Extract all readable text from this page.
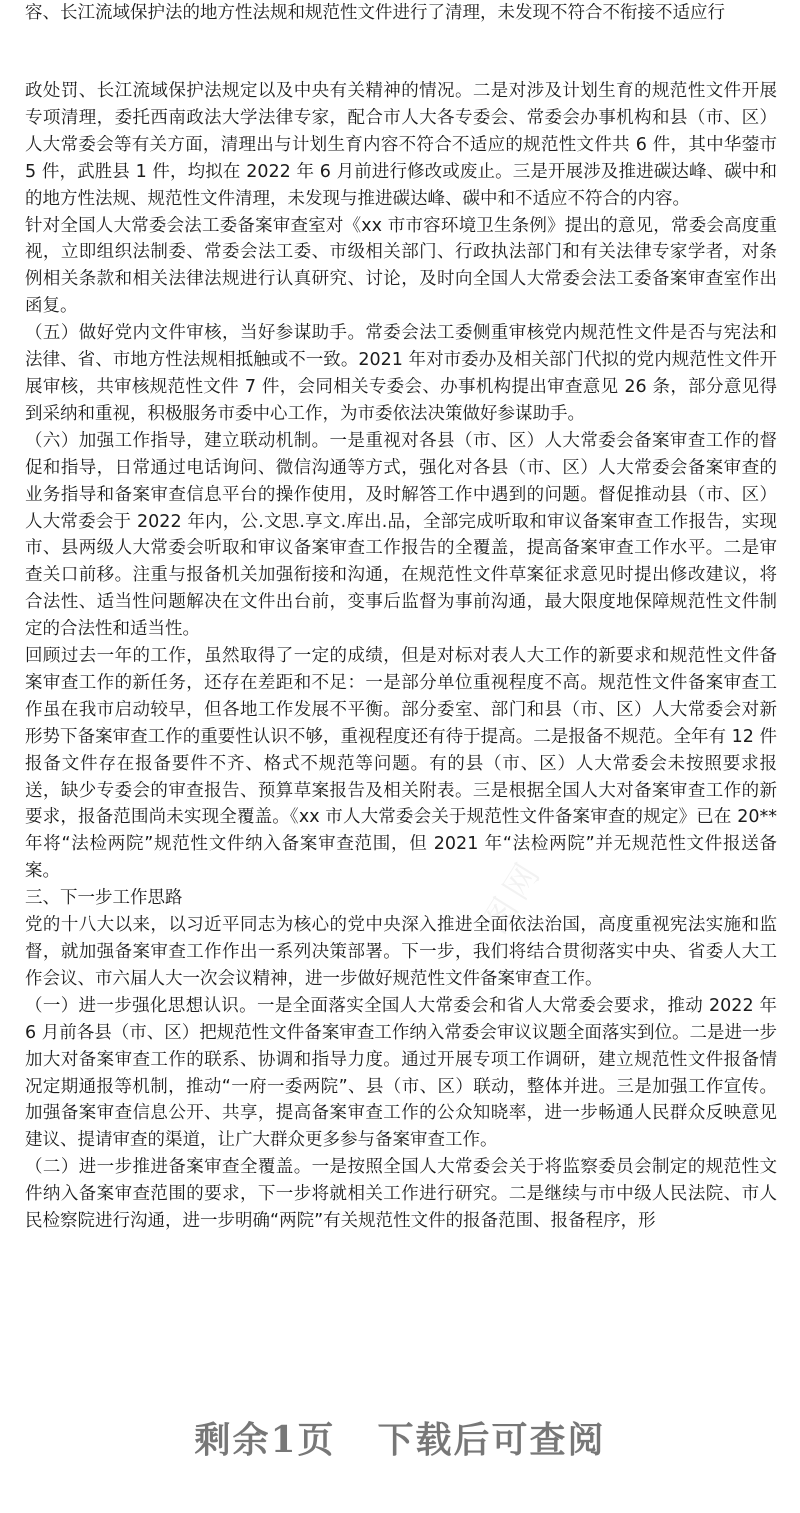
容、长江流域保护法的地方性法规和规范性文件进行了清理，未发现不符合不衔接不适应行

政处罚、长江流域保护法规定以及中央有关精神的情况。二是对涉及计划生育的规范性文件开展专项清理，委托西南政法大学法律专家，配合市人大各专委会、常委会办事机构和县（市、区）人大常委会等有关方面，清理出与计划生育内容不符合不适应的规范性文件共 6 件，其中华蓥市 5 件，武胜县 1 件，均拟在 2022 年 6 月前进行修改或废止。三是开展涉及推进碳达峰、碳中和的地方性法规、规范性文件清理，未发现与推进碳达峰、碳中和不适应不符合的内容。

针对全国人大常委会法工委备案审查室对《xx 市市容环境卫生条例》提出的意见，常委会高度重视，立即组织法制委、常委会法工委、市级相关部门、行政执法部门和有关法律专家学者，对条例相关条款和相关法律法规进行认真研究、讨论，及时向全国人大常委会法工委备案审查室作出函复。

（五）做好党内文件审核，当好参谋助手。常委会法工委侧重审核党内规范性文件是否与宪法和法律、省、市地方性法规相抵触或不一致。2021 年对市委办及相关部门代拟的党内规范性文件开展审核，共审核规范性文件 7 件，会同相关专委会、办事机构提出审查意见 26 条，部分意见得到采纳和重视，积极服务市委中心工作，为市委依法决策做好参谋助手。

（六）加强工作指导，建立联动机制。一是重视对各县（市、区）人大常委会备案审查工作的督促和指导，日常通过电话询问、微信沟通等方式，强化对各县（市、区）人大常委会备案审查的业务指导和备案审查信息平台的操作使用，及时解答工作中遇到的问题。督促推动县（市、区）人大常委会于 2022 年内，公.文思.享文.库出.品，全部完成听取和审议备案审查工作报告，实现市、县两级人大常委会听取和审议备案审查工作报告的全覆盖，提高备案审查工作水平。二是审查关口前移。注重与报备机关加强衔接和沟通，在规范性文件草案征求意见时提出修改建议，将合法性、适当性问题解决在文件出台前，变事后监督为事前沟通，最大限度地保障规范性文件制定的合法性和适当性。

回顾过去一年的工作，虽然取得了一定的成绩，但是对标对表人大工作的新要求和规范性文件备案审查工作的新任务，还存在差距和不足：一是部分单位重视程度不高。规范性文件备案审查工作虽在我市启动较早，但各地工作发展不平衡。部分委室、部门和县（市、区）人大常委会对新形势下备案审查工作的重要性认识不够，重视程度还有待于提高。二是报备不规范。全年有 12 件报备文件存在报备要件不齐、格式不规范等问题。有的县（市、区）人大常委会未按照要求报送，缺少专委会的审查报告、预算草案报告及相关附表。三是根据全国人大对备案审查工作的新要求，报备范围尚未实现全覆盖。《xx 市人大常委会关于规范性文件备案审查的规定》已在 20**年将“法检两院”规范性文件纳入备案审查范围，但 2021 年“法检两院”并无规范性文件报送备案。

三、下一步工作思路

党的十八大以来，以习近平同志为核心的党中央深入推进全面依法治国，高度重视宪法实施和监督，就加强备案审查工作作出一系列决策部署。下一步，我们将结合贯彻落实中央、省委人大工作会议、市六届人大一次会议精神，进一步做好规范性文件备案审查工作。

（一）进一步强化思想认识。一是全面落实全国人大常委会和省人大常委会要求，推动 2022 年 6 月前各县（市、区）把规范性文件备案审查工作纳入常委会审议议题全面落实到位。二是进一步加大对备案审查工作的联系、协调和指导力度。通过开展专项工作调研，建立规范性文件报备情况定期通报等机制，推动“一府一委两院”、县（市、区）联动，整体并进。三是加强工作宣传。加强备案审查信息公开、共享，提高备案审查工作的公众知晓率，进一步畅通人民群众反映意见建议、提请审查的渠道，让广大群众更多参与备案审查工作。

（二）进一步推进备案审查全覆盖。一是按照全国人大常委会关于将监察委员会制定的规范性文件纳入备案审查范围的要求，下一步将就相关工作进行研究。二是继续与市中级人民法院、市人民检察院进行沟通，进一步明确“两院”有关规范性文件的报备范围、报备程序，形

图网
剩余1页 下载后可查阅
